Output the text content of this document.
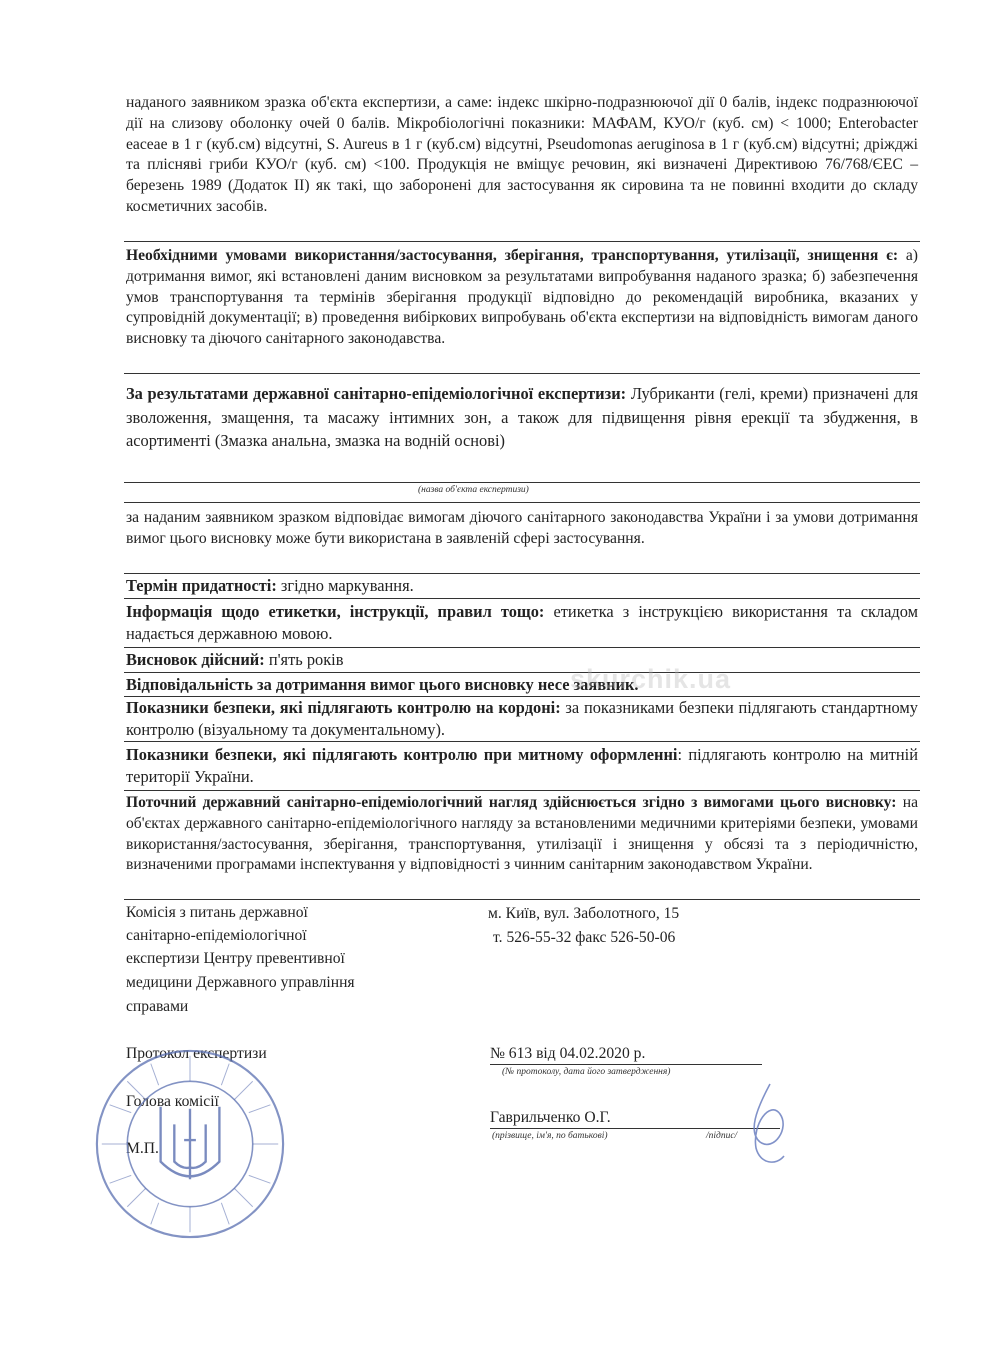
наданого заявником зразка об'єкта експертизи, а саме: індекс шкірно-подразнюючої дії 0 балів, індекс подразнюючої дії на слизову оболонку очей 0 балів. Мікробіологічні показники: МАФАМ, КУО/г (куб. см) < 1000; Enterobacter eaceae в 1 г (куб.см) відсутні, S. Aureus в 1 г (куб.см) відсутні, Pseudomonas aeruginosa в 1 г (куб.см) відсутні; дріжджі та плісняві гриби КУО/г (куб. см) <100. Продукція не вміщує речовин, які визначені Директивою 76/768/ЄЕС – березень 1989 (Додаток ІІ) як такі, що заборонені для застосування як сировина та не повинні входити до складу косметичних засобів.
Необхідними умовами використання/застосування, зберігання, транспортування, утилізації, знищення є: а) дотримання вимог, які встановлені даним висновком за результатами випробування наданого зразка; б) забезпечення умов транспортування та термінів зберігання продукції відповідно до рекомендацій виробника, вказаних у супровідній документації; в) проведення вибіркових випробувань об'єкта експертизи на відповідність вимогам даного висновку та діючого санітарного законодавства.
За результатами державної санітарно-епідеміологічної експертизи: Лубриканти (гелі, креми) призначені для зволоження, змащення, та масажу інтимних зон, а також для підвищення рівня ерекції та збудження, в асортименті (Змазка анальна, змазка на водній основі)
(назва об'єкта експертизи)
за наданим заявником зразком відповідає вимогам діючого санітарного законодавства України і за умови дотримання вимог цього висновку може бути використана в заявленій сфері застосування.
Термін придатності: згідно маркування.
Інформація щодо етикетки, інструкції, правил тощо: етикетка з інструкцією використання та складом надається державною мовою.
Висновок дійсний: п'ять років
Відповідальність за дотримання вимог цього висновку несе заявник.
Показники безпеки, які підлягають контролю на кордоні: за показниками безпеки підлягають стандартному контролю (візуальному та документальному).
Показники безпеки, які підлягають контролю при митному оформленні: підлягають контролю на митній території України.
Поточний державний санітарно-епідеміологічний нагляд здійснюється згідно з вимогами цього висновку: на об'єктах державного санітарно-епідеміологічного нагляду за встановленими медичними критеріями безпеки, умовами використання/застосування, зберігання, транспортування, утилізації і знищення у обсязі та з періодичністю, визначеними програмами інспектування у відповідності з чинним санітарним законодавством України.
Комісія з питань державної
санітарно-епідеміологічної
експертизи Центру превентивної
медицини Державного управління
справами
м. Київ, вул. Заболотного, 15
т. 526-55-32 факс 526-50-06
Протокол експертизи	№ 613 від 04.02.2020 р.
(№ протоколу, дата його затвердження)
Голова комісії
Гаврильченко О.Г.
(прізвище, ім'я, по батькові)	/підпис/
М.П.
skurchik.ua
